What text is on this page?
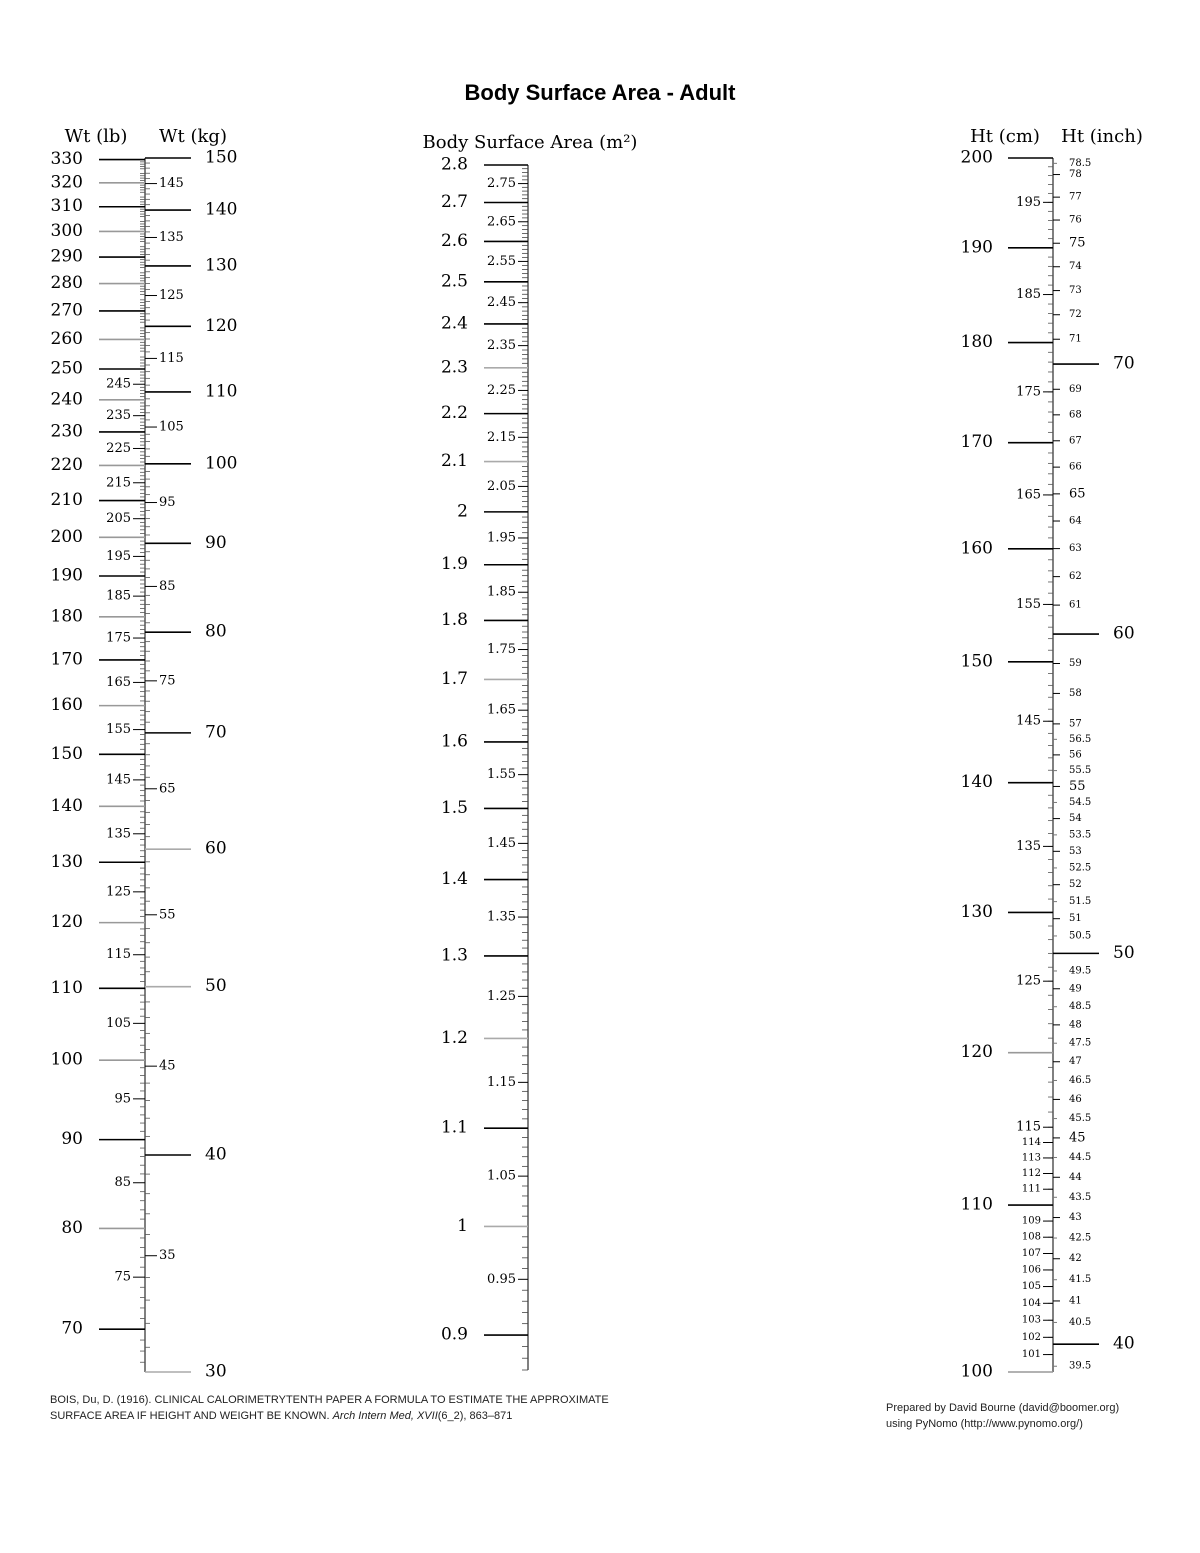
Body Surface Area - Adult
70
80
90
100
110
120
130
140
150
160
170
180
190
200
210
220
230
240
250
260
270
280
290
300
310
320
330
75
85
95
105
115
125
135
145
155
165
175
185
195
205
215
225
235
245
30
40
50
60
70
80
90
100
110
120
130
140
150
35
45
55
65
75
85
95
105
115
125
135
145
Wt (lb) Wt (kg)
0.9
1
1.1
1.2
1.3
1.4
1.5
1.6
1.7
1.8
1.9
2
2.1
2.2
2.3
2.4
2.5
2.6
2.7
2.8
0.95
1.05
1.15
1.25
1.35
1.45
1.55
1.65
1.75
1.85
1.95
2.05
2.15
2.25
2.35
2.45
2.55
2.65
2.75
Body Surface Area (m²)
100
110
120
130
140
150
160
170
180
190
200
101
102
103
104
105
106
107
108
109
111
112
113
114
115
125
135
145
155
165
175
185
195
40
50
60
70
39.5
40.5
41
41.5
42
42.5
43
43.5
44
44.5
45
45.5
46
46.5
47
47.5
48
48.5
49
49.5
50.5
51
51.5
52
52.5
53
53.5
54
54.5
55
55.5
56
56.5
57
58
59
61
62
63
64
65
66
67
68
69
71
72
73
74
75
76
77
78
78.5
Ht (cm) Ht (inch)
BOIS, Du, D. (1916). CLINICAL CALORIMETRYTENTH PAPER A FORMULA TO ESTIMATE THE APPROXIMATE
SURFACE AREA IF HEIGHT AND WEIGHT BE KNOWN. Arch Intern Med, XVII(6_2), 863–871
Prepared by David Bourne (david@boomer.org)
using PyNomo (http://www.pynomo.org/)
